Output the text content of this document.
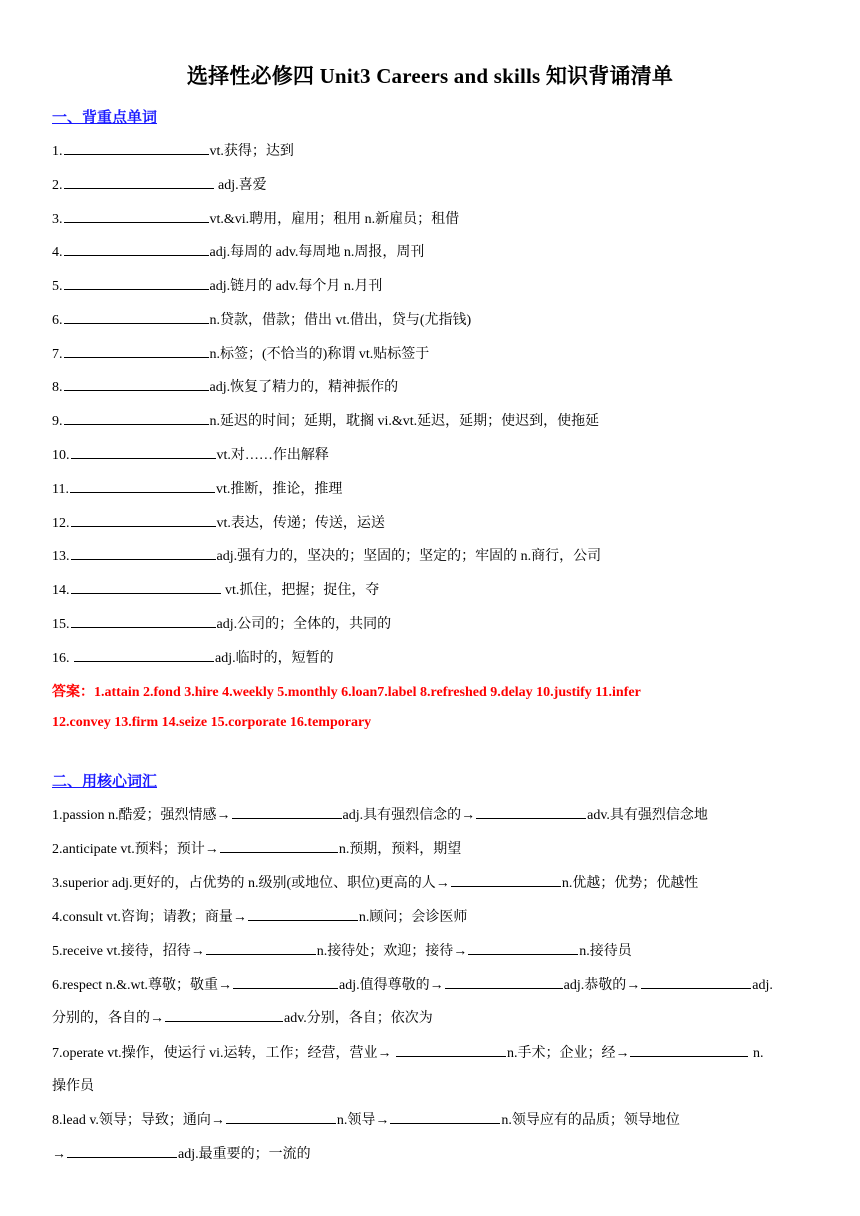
选择性必修四 Unit3 Careers and skills 知识背诵清单
一、背重点单词
1.	vt.获得；达到
2.	adj.喜爱
3.	vt.&vi.聘用，雇用；租用 n.新雇员；租借
4.	adj.每周的 adv.每周地 n.周报，周刊
5.	adj.链月的 adv.每个月 n.月刊
6.	n.贷款，借款；借出 vt.借出，贷与(尤指钱)
7.	n.标签；(不恰当的)称谓 vt.贴标签于
8.	adj.恢复了精力的，精神振作的
9.	n.延迟的时间；延期，耽搁 vi.&vt.延迟，延期；使迟到，使拖延
10.	vt.对……作出解释
11.	vt.推断，推论，推理
12.	vt.表达，传递；传送，运送
13.	adj.强有力的，坚决的；坚固的；坚定的；牢固的 n.商行，公司
14.	vt.抓住，把握；捉住，夺
15.	adj.公司的；全体的，共同的
16.	adj.临时的，短暂的
答案：1.attain 2.fond 3.hire 4.weekly 5.monthly 6.loan7.label 8.refreshed 9.delay 10.justify 11.infer
12.convey 13.firm 14.seize 15.corporate 16.temporary
二、用核心词汇
1.passion n.酷爱；强烈情感→	adj.具有强烈信念的→	adv.具有强烈信念地
2.anticipate vt.预料；预计→	n.预期，预料，期望
3.superior adj.更好的，占优势的 n.级别(或地位、职位)更高的人→	n.优越；优势；优越性
4.consult vt.咨询；请教；商量→	n.顾问；会诊医师
5.receive vt.接待，招待→	n.接待处；欢迎；接待→	n.接待员
6.respect n.&.wt.尊敬；敬重→	adj.值得尊敬的→	adj.恭敬的→	adj.
分别的，各自的→	adv.分别，各自；依次为
7.operate vt.操作，使运行 vi.运转，工作；经营，营业→	n.手术；企业；经→	n.
操作员
8.lead v.领导；导致；通向→	n.领导→	n.领导应有的品质；领导地位
→	adj.最重要的；一流的
